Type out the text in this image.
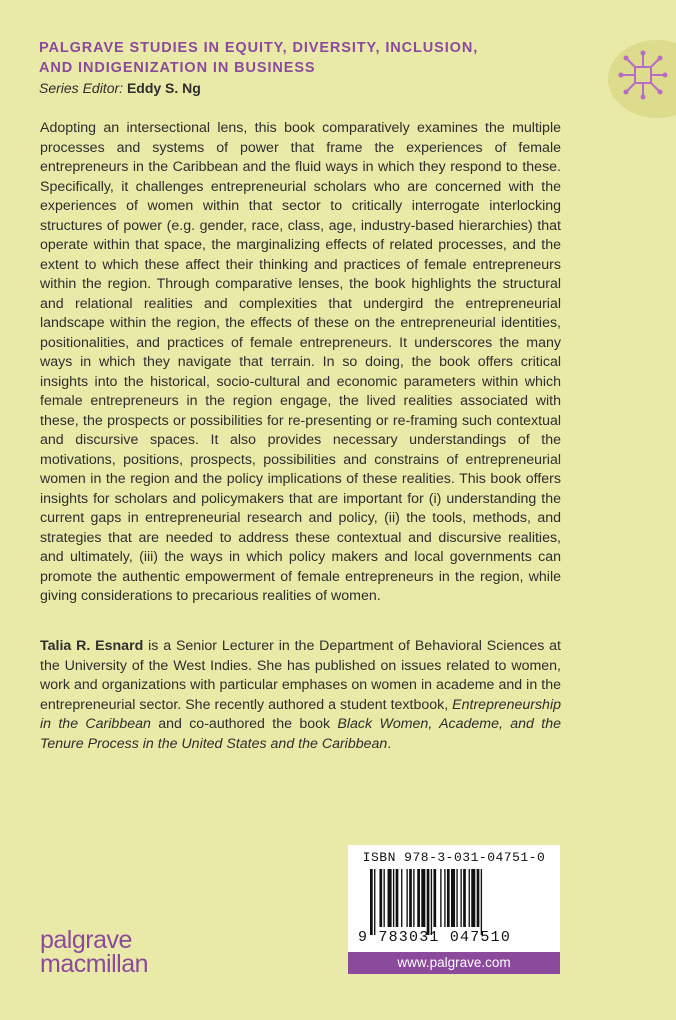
PALGRAVE STUDIES IN EQUITY, DIVERSITY, INCLUSION,
AND INDIGENIZATION IN BUSINESS
Series Editor: Eddy S. Ng

Adopting an intersectional lens, this book comparatively examines the multiple processes and systems of power that frame the experiences of female entrepreneurs in the Caribbean and the fluid ways in which they respond to these. Specifically, it challenges entrepreneurial scholars who are concerned with the experiences of women within that sector to critically interrogate interlocking structures of power (e.g. gender, race, class, age, industry-based hierarchies) that operate within that space, the marginalizing effects of related processes, and the extent to which these affect their thinking and practices of female entrepreneurs within the region. Through comparative lenses, the book highlights the structural and relational realities and complexities that undergird the entrepreneurial landscape within the region, the effects of these on the entrepreneurial identities, positionalities, and practices of female entrepreneurs. It underscores the many ways in which they navigate that terrain. In so doing, the book offers critical insights into the historical, socio-cultural and economic parameters within which female entrepreneurs in the region engage, the lived realities associated with these, the prospects or possibilities for re-presenting or re-framing such contextual and discursive spaces. It also provides necessary understandings of the motivations, positions, prospects, possibilities and constrains of entrepreneurial women in the region and the policy implications of these realities. This book offers insights for scholars and policymakers that are important for (i) understanding the current gaps in entrepreneurial research and policy, (ii) the tools, methods, and strategies that are needed to address these contextual and discursive realities, and ultimately, (iii) the ways in which policy makers and local governments can promote the authentic empowerment of female entrepreneurs in the region, while giving considerations to precarious realities of women.

Talia R. Esnard is a Senior Lecturer in the Department of Behavioral Sciences at the University of the West Indies. She has published on issues related to women, work and organizations with particular emphases on women in academe and in the entrepreneurial sector. She recently authored a student textbook, Entrepreneurship in the Caribbean and co-authored the book Black Women, Academe, and the Tenure Process in the United States and the Caribbean.

ISBN 978-3-031-04751-0
9 783031 047510
www.palgrave.com
palgrave
macmillan
